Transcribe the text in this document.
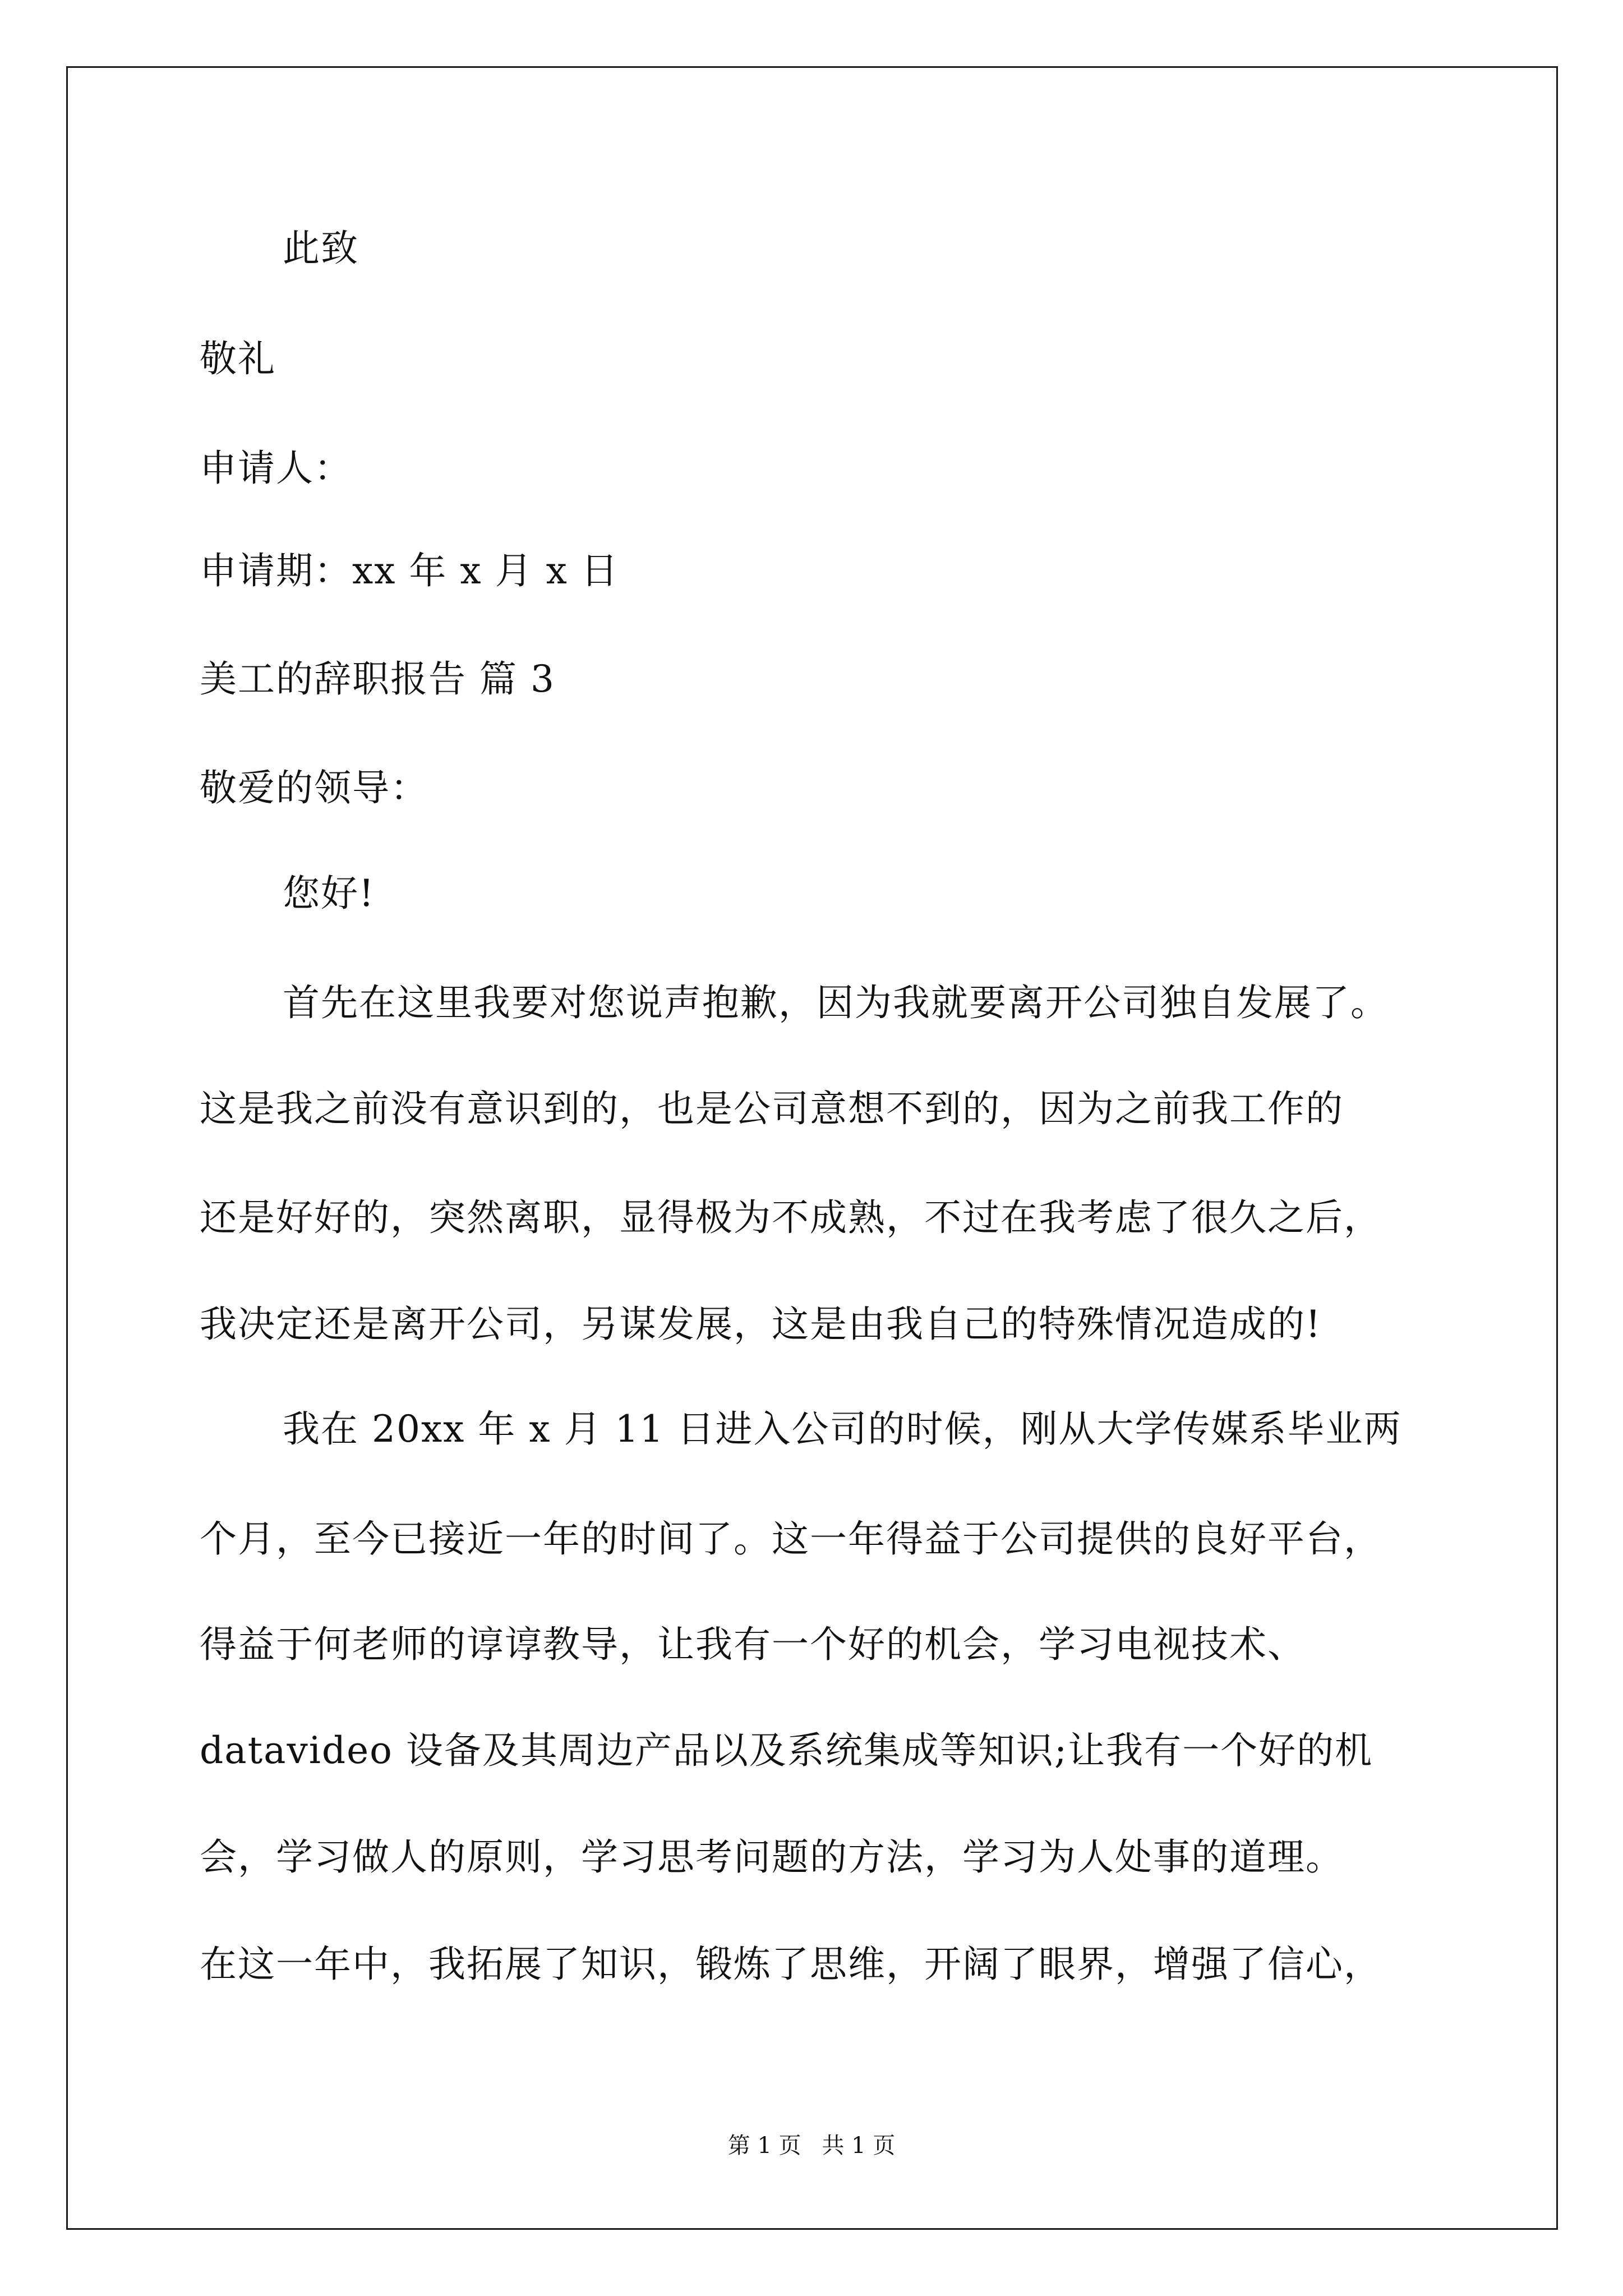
此致
敬礼
申请人：
申请期：xx 年 x 月 x 日
美工的辞职报告 篇 3
敬爱的领导：
您好!
首先在这里我要对您说声抱歉，因为我就要离开公司独自发展了。
这是我之前没有意识到的，也是公司意想不到的，因为之前我工作的
还是好好的，突然离职，显得极为不成熟，不过在我考虑了很久之后，
我决定还是离开公司，另谋发展，这是由我自己的特殊情况造成的!
我在 20xx 年 x 月 11 日进入公司的时候，刚从大学传媒系毕业两
个月，至今已接近一年的时间了。这一年得益于公司提供的良好平台，
得益于何老师的谆谆教导，让我有一个好的机会，学习电视技术、
datavideo 设备及其周边产品以及系统集成等知识;让我有一个好的机
会，学习做人的原则，学习思考问题的方法，学习为人处事的道理。
在这一年中，我拓展了知识，锻炼了思维，开阔了眼界，增强了信心，
第 1 页 共 1 页
